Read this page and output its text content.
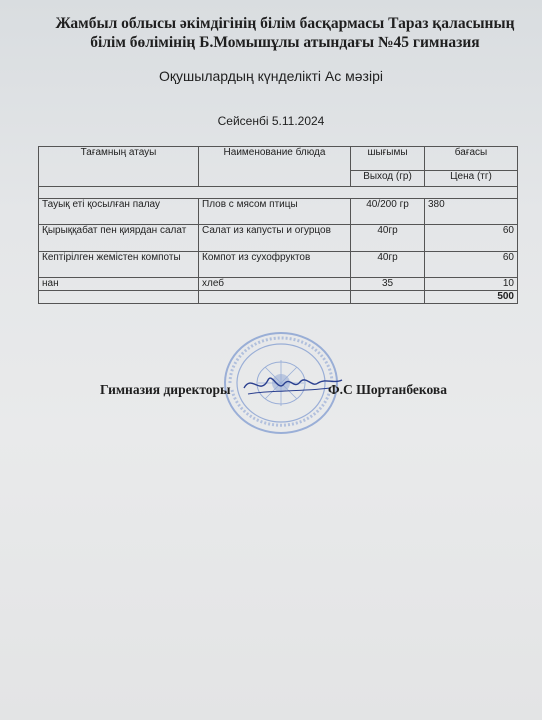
Жамбыл облысы әкімдігінің білім басқармасы Тараз қаласының
білім бөлімінің Б.Момышұлы атындағы №45 гимназия
Оқушылардың күнделікті Ас мәзірі
Сейсенбі 5.11.2024
Тағамның атауы	Наименование блюда	шығымы	бағасы
		Выход (гр)	Цена (тг)

Тауық еті қосылған палау	Плов с мясом птицы	40/200 гр	380
Қырыққабат пен қиярдан салат	Салат из капусты и огурцов	40гр	60
Кептірілген жемістен компоты	Компот из сухофруктов	40гр	60
нан	хлеб	35	10
			500
Гимназия директоры	Ф.С Шортанбекова
